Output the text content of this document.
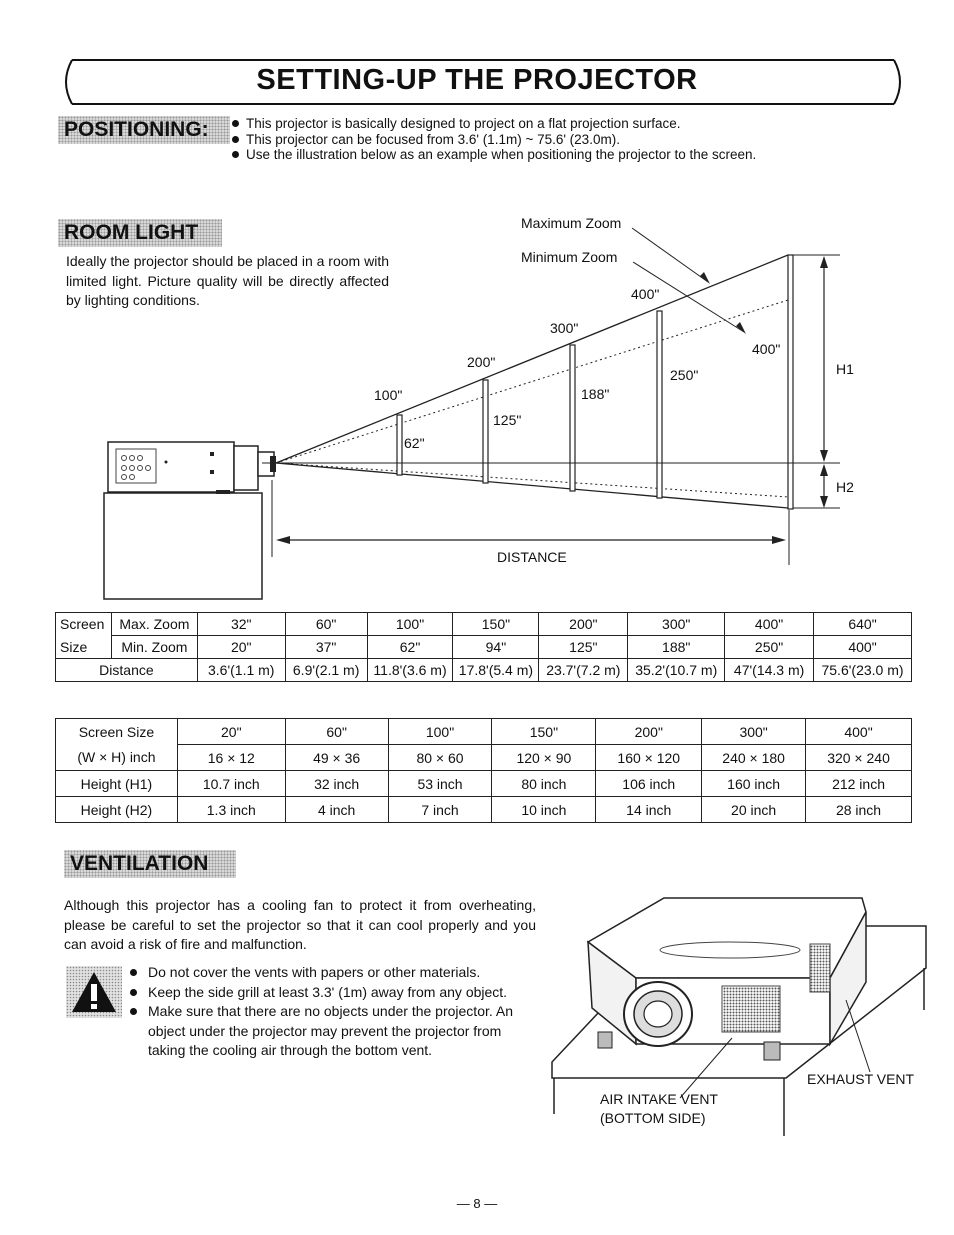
SETTING-UP THE PROJECTOR
POSITIONING:	This projector is basically designed to project on a flat projection surface.
This projector can be focused from 3.6' (1.1m) ~ 75.6' (23.0m).
Use the illustration below as an example when positioning the projector to the screen.
ROOM LIGHT
Ideally the projector should be placed in a room with limited light. Picture quality will be directly affected by lighting conditions.
Maximum Zoom
Minimum Zoom
100"
200"
300"
400"
62"
125"
188"
250"
400"
H1
H2
DISTANCE
Screen	Max. Zoom	32"	60"	100"	150"	200"	300"	400"	640"
Size	Min. Zoom	20"	37"	62"	94"	125"	188"	250"	400"
Distance		3.6'(1.1 m)	6.9'(2.1 m)	11.8'(3.6 m)	17.8'(5.4 m)	23.7'(7.2 m)	35.2'(10.7 m)	47'(14.3 m)	75.6'(23.0 m)
Screen Size	20"	60"	100"	150"	200"	300"	400"
(W × H) inch	16 × 12	49 × 36	80 × 60	120 × 90	160 × 120	240 × 180	320 × 240
Height (H1)	10.7 inch	32 inch	53 inch	80 inch	106 inch	160 inch	212 inch
Height (H2)	1.3 inch	4 inch	7 inch	10 inch	14 inch	20 inch	28 inch
VENTILATION
Although this projector has a cooling fan to protect it from overheating, please be careful to set the projector so that it can cool properly and you can avoid a risk of fire and malfunction.
Do not cover the vents with papers or other materials.
Keep the side grill at least 3.3' (1m) away from any object.
Make sure that there are no objects under the projector. An object under the projector may prevent the projector from taking the cooling air through the bottom vent.
EXHAUST VENT
AIR INTAKE VENT
(BOTTOM SIDE)
— 8 —
